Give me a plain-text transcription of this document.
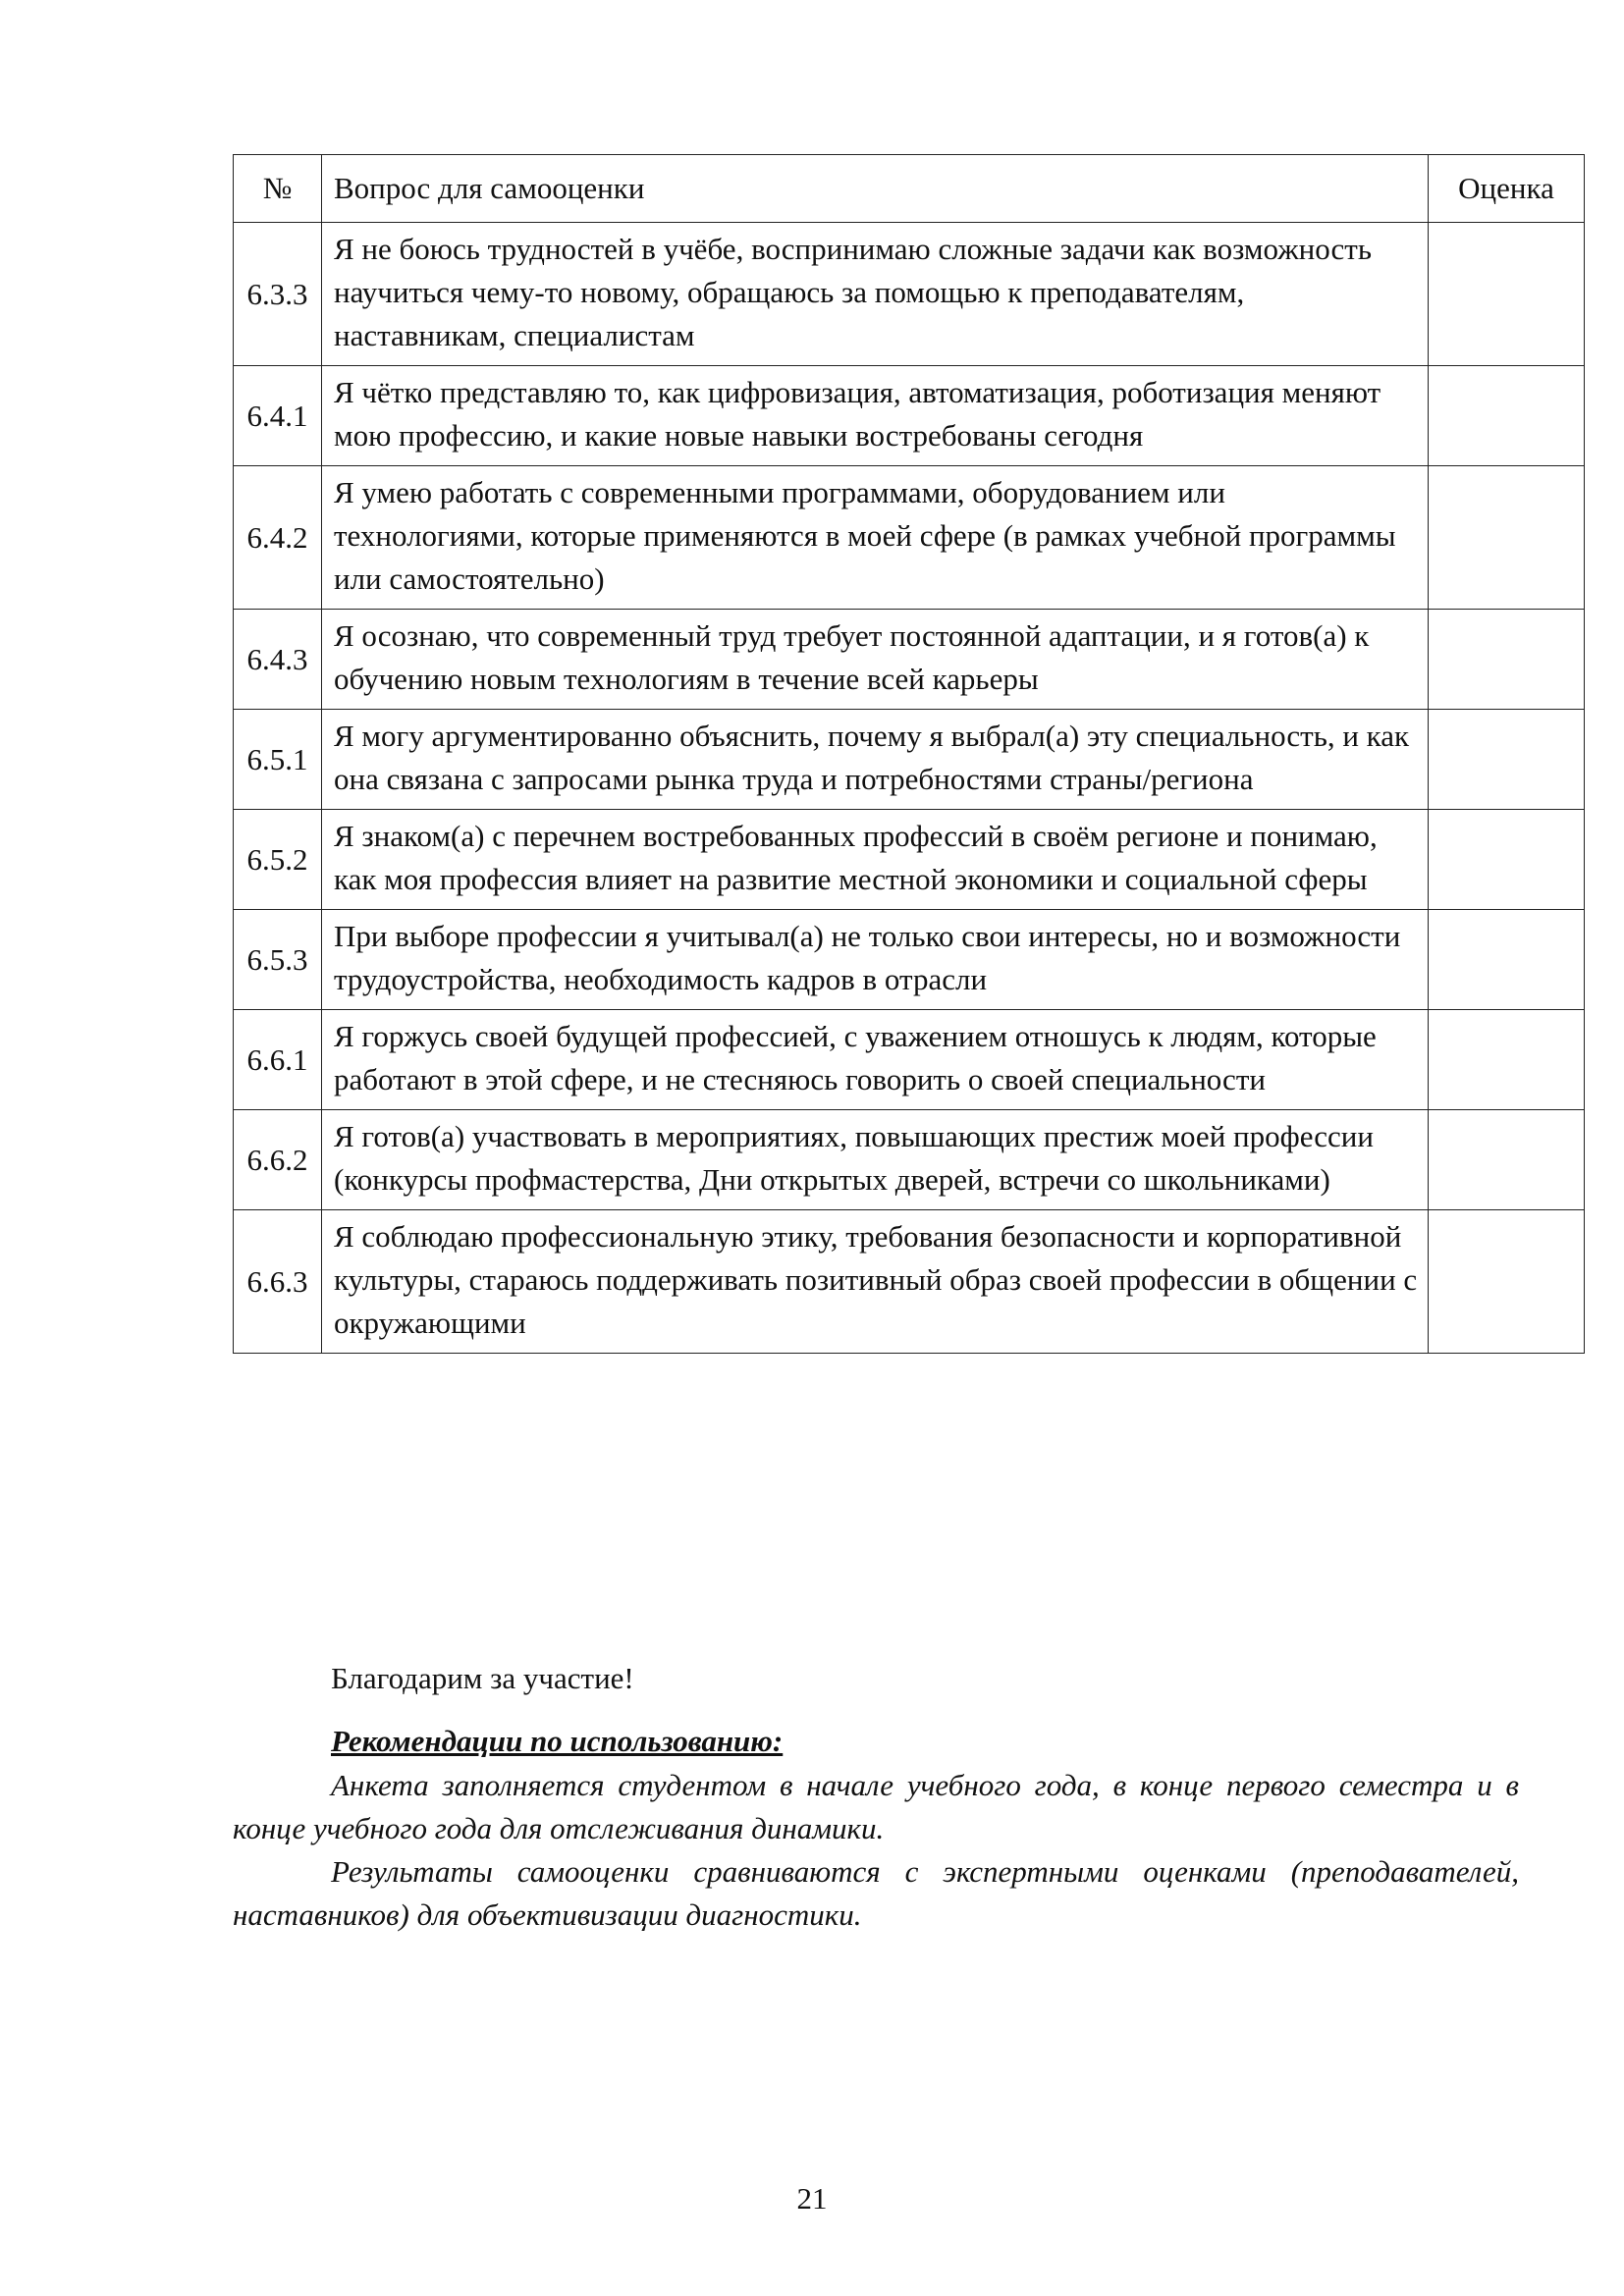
№	Вопрос для самооценки	Оценка
6.3.3	Я не боюсь трудностей в учёбе, воспринимаю сложные задачи как возможность научиться чему-то новому, обращаюсь за помощью к преподавателям, наставникам, специалистам	
6.4.1	Я чётко представляю то, как цифровизация, автоматизация, роботизация меняют мою профессию, и какие новые навыки востребованы сегодня	
6.4.2	Я умею работать с современными программами, оборудованием или технологиями, которые применяются в моей сфере (в рамках учебной программы или самостоятельно)	
6.4.3	Я осознаю, что современный труд требует постоянной адаптации, и я готов(а) к обучению новым технологиям в течение всей карьеры	
6.5.1	Я могу аргументированно объяснить, почему я выбрал(а) эту специальность, и как она связана с запросами рынка труда и потребностями страны/региона	
6.5.2	Я знаком(а) с перечнем востребованных профессий в своём регионе и понимаю, как моя профессия влияет на развитие местной экономики и социальной сферы	
6.5.3	При выборе профессии я учитывал(а) не только свои интересы, но и возможности трудоустройства, необходимость кадров в отрасли	
6.6.1	Я горжусь своей будущей профессией, с уважением отношусь к людям, которые работают в этой сфере, и не стесняюсь говорить о своей специальности	
6.6.2	Я готов(а) участвовать в мероприятиях, повышающих престиж моей профессии (конкурсы профмастерства, Дни открытых дверей, встречи со школьниками)	
6.6.3	Я соблюдаю профессиональную этику, требования безопасности и корпоративной культуры, стараюсь поддерживать позитивный образ своей профессии в общении с окружающими	
Благодарим за участие!
Рекомендации по использованию:

Анкета заполняется студентом в начале учебного года, в конце первого семестра и в конце учебного года для отслеживания динамики.

Результаты самооценки сравниваются с экспертными оценками (преподавателей, наставников) для объективизации диагностики.

21
